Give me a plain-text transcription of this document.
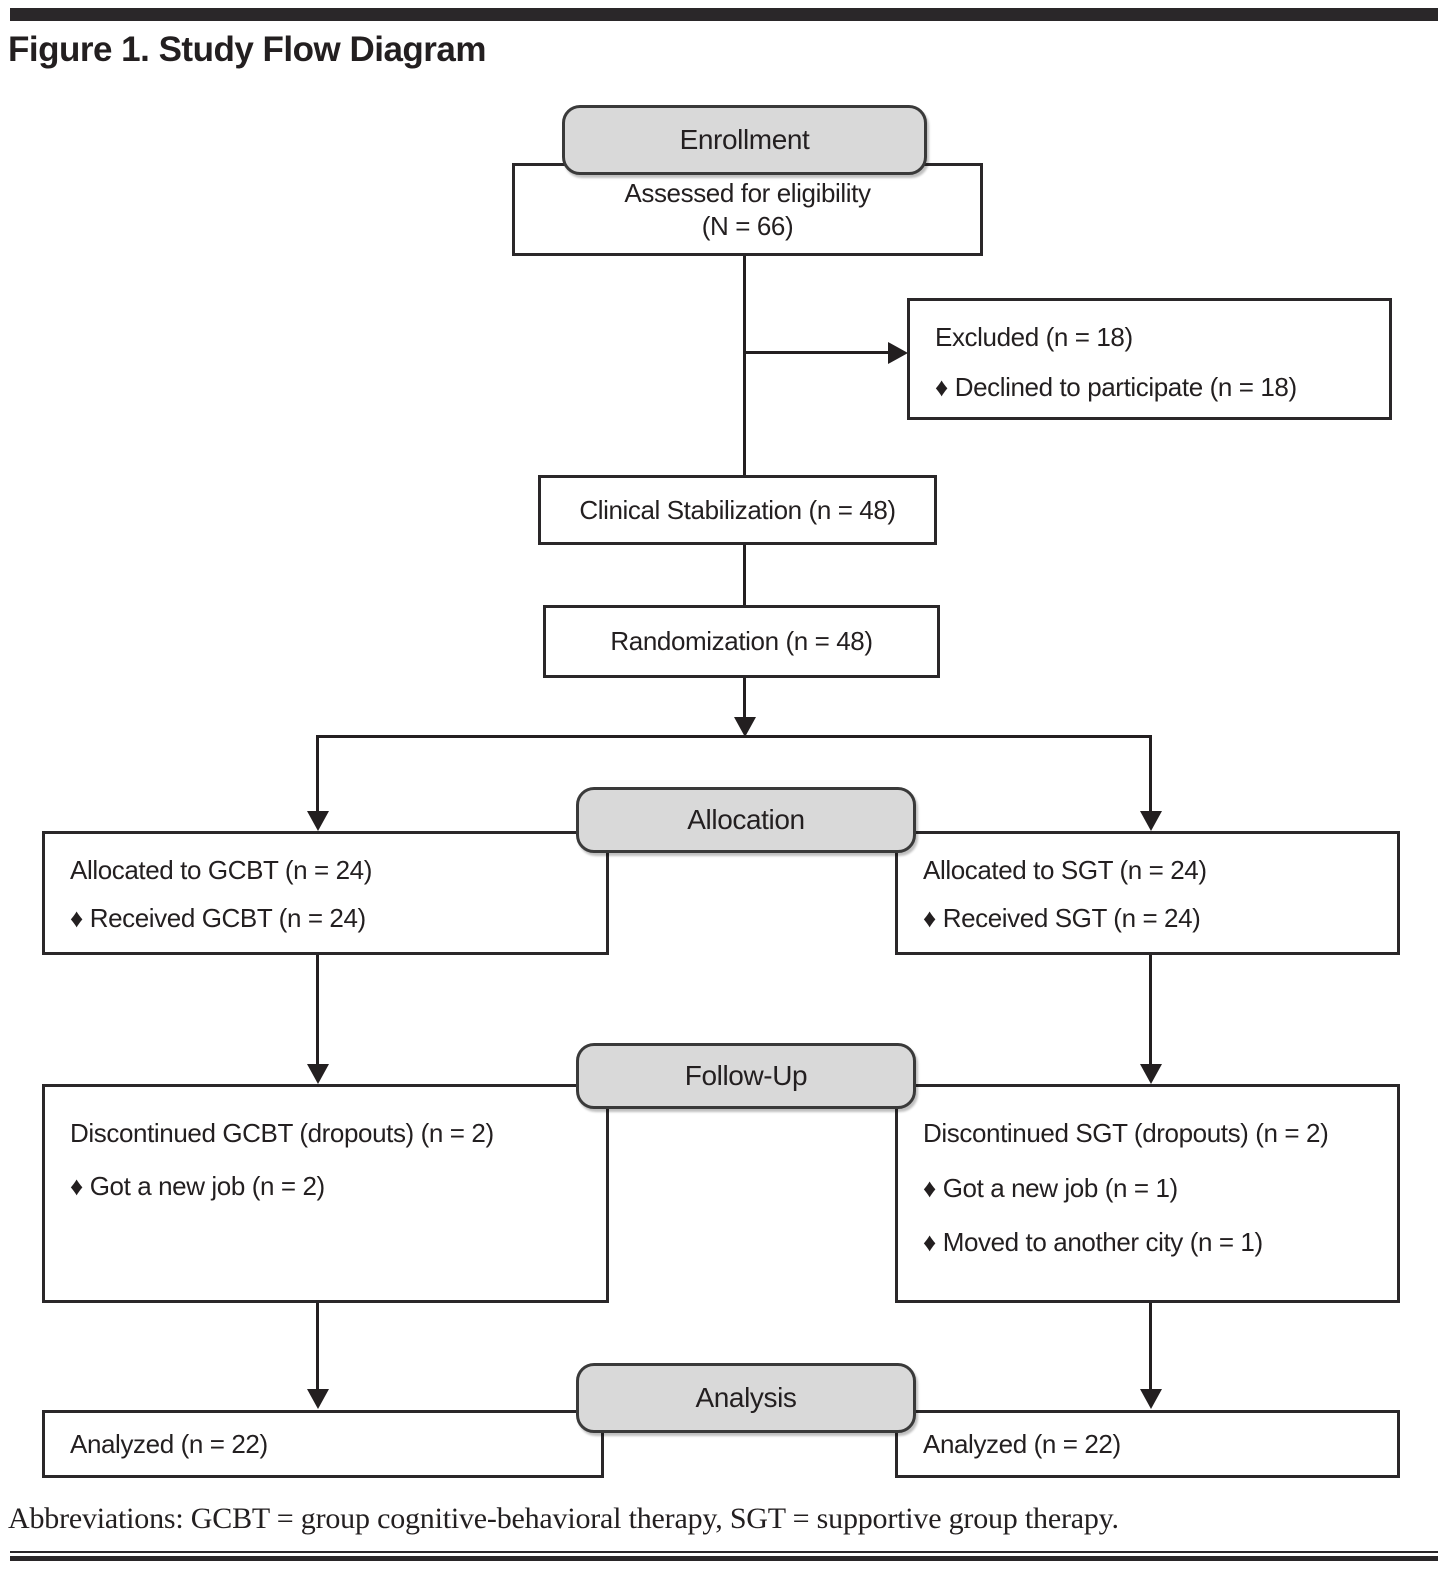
Figure 1. Study Flow Diagram
Assessed for eligibility
(N = 66)
Enrollment
Excluded (n = 18)
♦ Declined to participate (n = 18)
Clinical Stabilization (n = 48)
Randomization (n = 48)
Allocated to GCBT (n = 24)
♦ Received GCBT (n = 24)
Allocated to SGT (n = 24)
♦ Received SGT (n = 24)
Allocation
Discontinued GCBT (dropouts) (n = 2)
♦ Got a new job (n = 2)
Discontinued SGT (dropouts) (n = 2)
♦ Got a new job (n = 1)
♦ Moved to another city (n = 1)
Follow-Up
Analyzed (n = 22)	Analyzed (n = 22)
Analysis
Abbreviations: GCBT = group cognitive-behavioral therapy, SGT = supportive group therapy.
